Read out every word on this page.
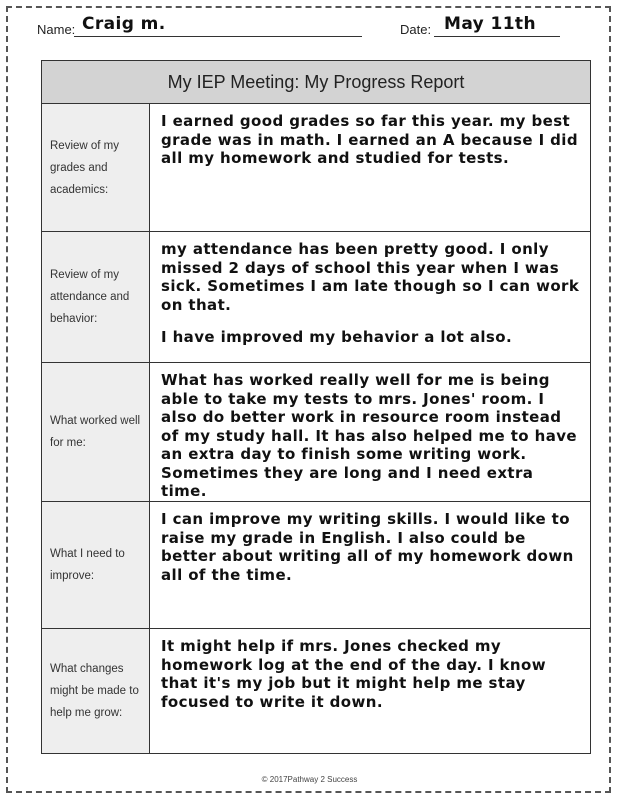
Name: Craig m.	Date: May 11th
My IEP Meeting: My Progress Report
Review of my grades and academics:

I earned good grades so far this year. my best grade was in math. I earned an A because I did all my homework and studied for tests.

Review of my attendance and behavior:

my attendance has been pretty good. I only missed 2 days of school this year when I was sick. Sometimes I am late though so I can work on that.

I have improved my behavior a lot also.

What worked well for me:

What has worked really well for me is being able to take my tests to mrs. Jones' room. I also do better work in resource room instead of my study hall. It has also helped me to have an extra day to finish some writing work. Sometimes they are long and I need extra time.

What I need to improve:

I can improve my writing skills. I would like to raise my grade in English. I also could be better about writing all of my homework down all of the time.

What changes might be made to help me grow:

It might help if mrs. Jones checked my homework log at the end of the day. I know that it's my job but it might help me stay focused to write it down.

© 2017Pathway 2 Success
